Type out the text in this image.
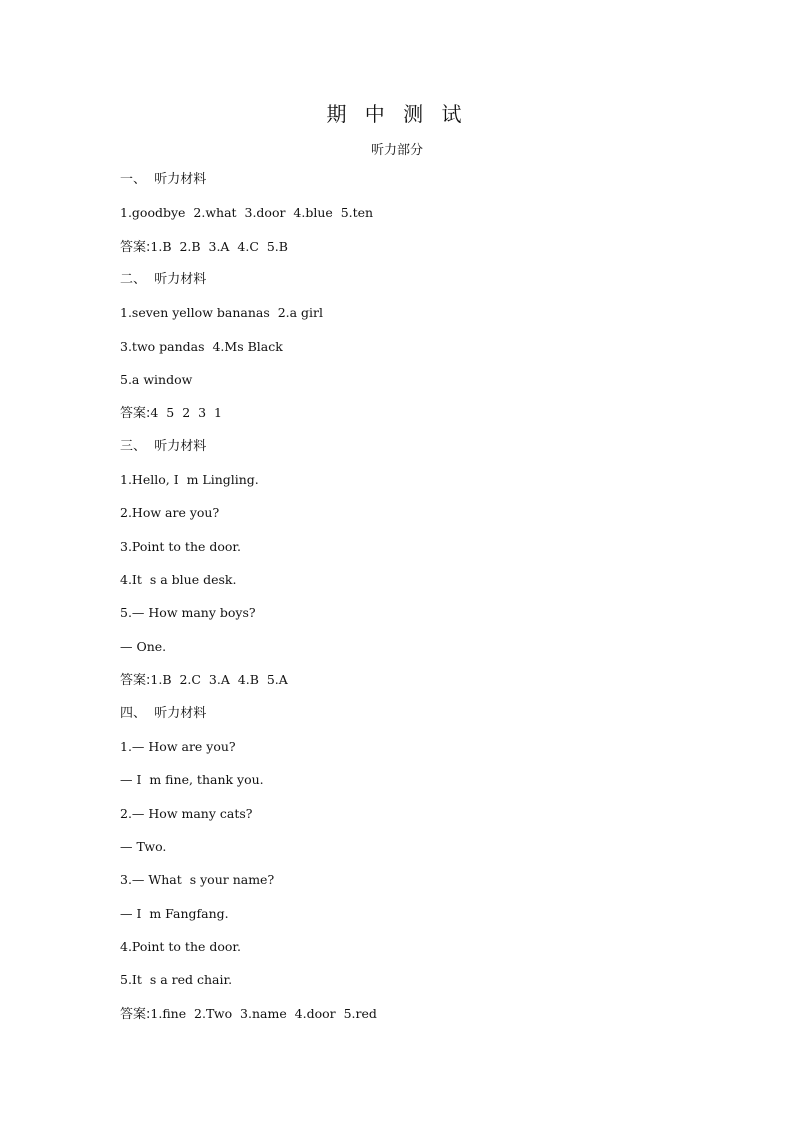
期 中 测 试
听力部分
一、  听力材料
1.goodbye  2.what  3.door  4.blue  5.ten
答案:1.B  2.B  3.A  4.C  5.B
二、  听力材料
1.seven yellow bananas  2.a girl
3.two pandas  4.Ms Black
5.a window
答案:4  5  2  3  1
三、  听力材料
1.Hello, I  m Lingling.
2.How are you?
3.Point to the door.
4.It  s a blue desk.
5.— How many boys?
— One.
答案:1.B  2.C  3.A  4.B  5.A
四、  听力材料
1.— How are you?
— I  m fine, thank you.
2.— How many cats?
— Two.
3.— What  s your name?
— I  m Fangfang.
4.Point to the door.
5.It  s a red chair.
答案:1.fine  2.Two  3.name  4.door  5.red
